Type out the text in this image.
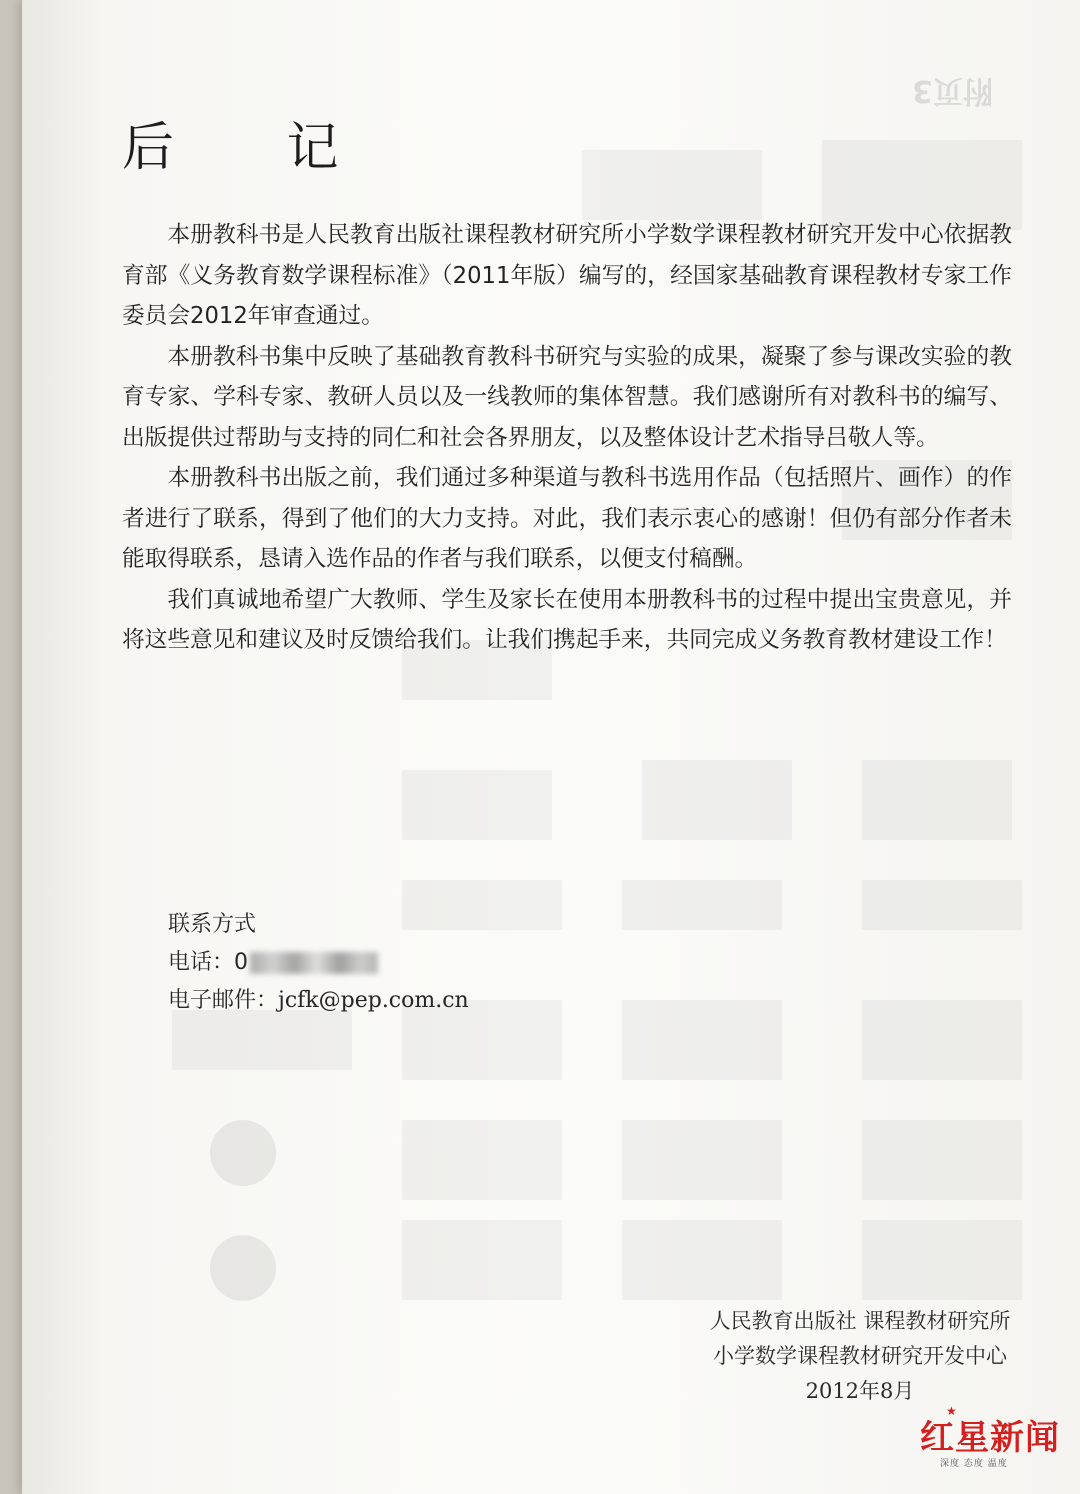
附页3
后 记

本册教科书是人民教育出版社课程教材研究所小学数学课程教材研究开发中心依据教育部《义务教育数学课程标准》（2011年版）编写的，经国家基础教育课程教材专家工作委员会2012年审查通过。

本册教科书集中反映了基础教育教科书研究与实验的成果，凝聚了参与课改实验的教育专家、学科专家、教研人员以及一线教师的集体智慧。我们感谢所有对教科书的编写、出版提供过帮助与支持的同仁和社会各界朋友，以及整体设计艺术指导吕敬人等。

本册教科书出版之前，我们通过多种渠道与教科书选用作品（包括照片、画作）的作者进行了联系，得到了他们的大力支持。对此，我们表示衷心的感谢！但仍有部分作者未能取得联系，恳请入选作品的作者与我们联系，以便支付稿酬。

我们真诚地希望广大教师、学生及家长在使用本册教科书的过程中提出宝贵意见，并将这些意见和建议及时反馈给我们。让我们携起手来，共同完成义务教育教材建设工作！

联系方式
电话：0
电子邮件：jcfk@pep.com.cn
人民教育出版社 课程教材研究所
小学数学课程教材研究开发中心
2012年8月
★
红星新闻
深度 态度 温度
